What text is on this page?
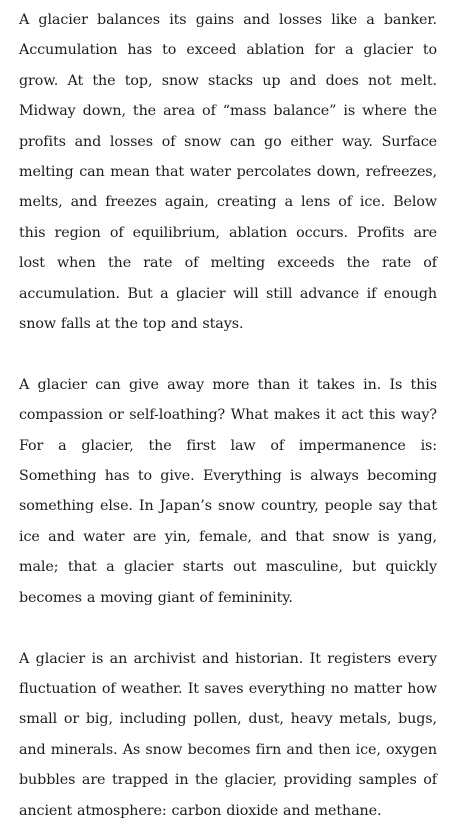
A glacier balances its gains and losses like a banker. Accumulation has to exceed ablation for a glacier to grow. At the top, snow stacks up and does not melt. Midway down, the area of “mass balance” is where the profits and losses of snow can go either way. Surface melting can mean that water percolates down, refreezes, melts, and freezes again, creating a lens of ice. Below this region of equilibrium, ablation occurs. Profits are lost when the rate of melting exceeds the rate of accumulation. But a glacier will still advance if enough snow falls at the top and stays.

A glacier can give away more than it takes in. Is this compassion or self-loathing? What makes it act this way? For a glacier, the first law of impermanence is: Something has to give. Everything is always becoming something else. In Japan’s snow country, people say that ice and water are yin, female, and that snow is yang, male; that a glacier starts out masculine, but quickly becomes a moving giant of femininity.

A glacier is an archivist and historian. It registers every fluctuation of weather. It saves everything no matter how small or big, including pollen, dust, heavy metals, bugs, and minerals. As snow becomes firn and then ice, oxygen bubbles are trapped in the glacier, providing samples of ancient atmosphere: carbon dioxide and methane.
